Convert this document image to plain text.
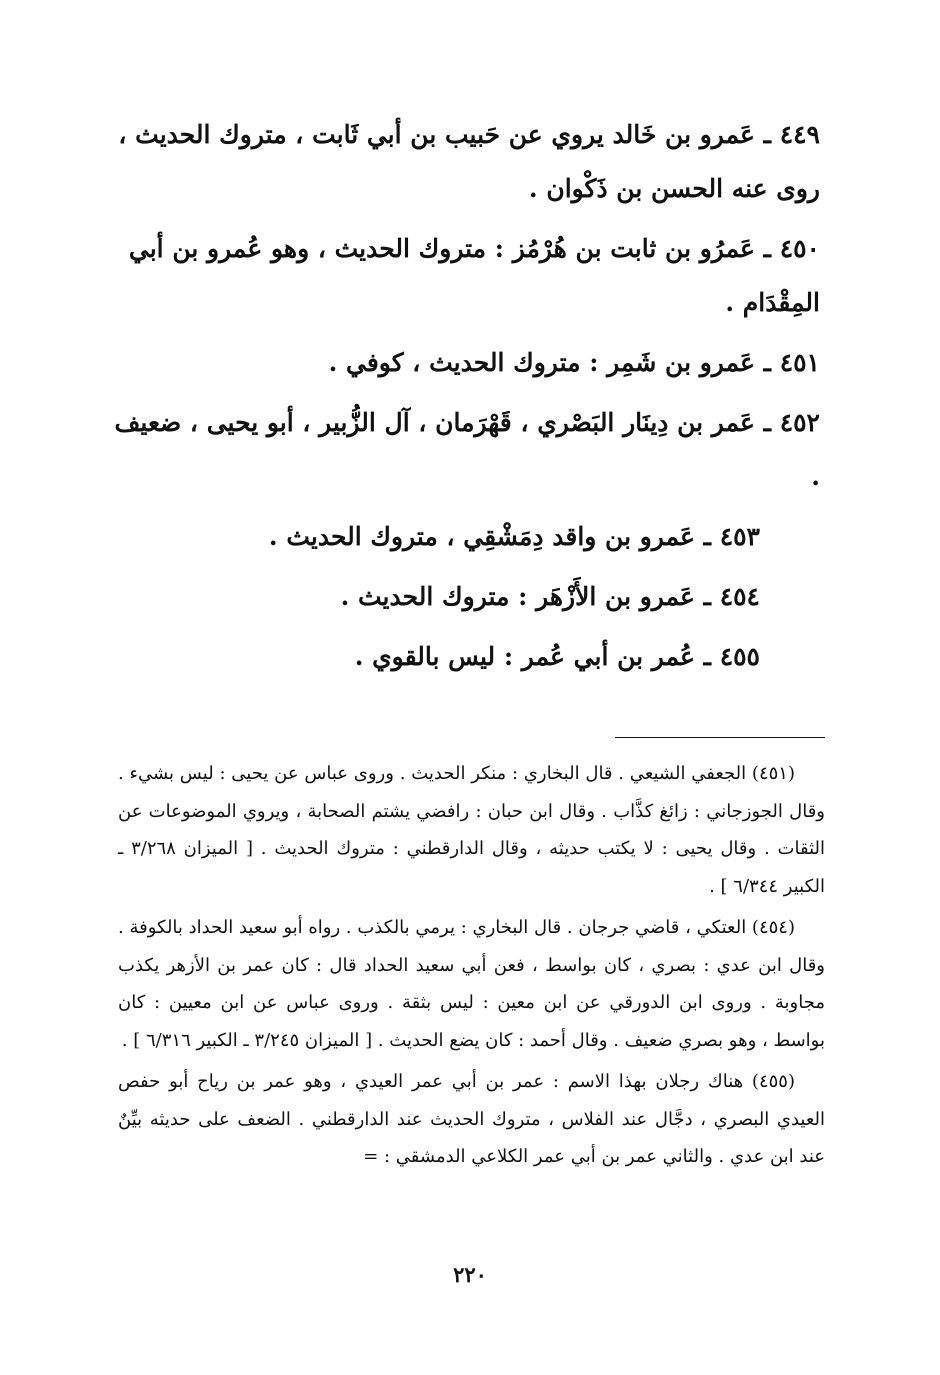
٤٤٩ ـ عَمرو بن خَالد يروي عن حَبيب بن أبي ثَابت ، متروك الحديث ، روى عنه الحسن بن ذَكْوان .

٤٥٠ ـ عَمرُو بن ثابت بن هُرْمُز : متروك الحديث ، وهو عُمرو بن أبي المِقْدَام .

٤٥١ ـ عَمرو بن شَمِر : متروك الحديث ، كوفي .

٤٥٢ ـ عَمر بن دِينَار البَصْري ، قَهْرَمان ، آل الزُّبير ، أبو يحيى ، ضعيف .

٤٥٣ ـ عَمرو بن واقد دِمَشْقِي ، متروك الحديث .

٤٥٤ ـ عَمرو بن الأَزْهَر : متروك الحديث .

٤٥٥ ـ عُمر بن أبي عُمر : ليس بالقوي .

(٤٥١) الجعفي الشيعي . قال البخاري : منكر الحديث . وروى عباس عن يحيى : ليس بشيء . وقال الجوزجاني : زائغ كذَّاب . وقال ابن حبان : رافضي يشتم الصحابة ، ويروي الموضوعات عن الثقات . وقال يحيى : لا يكتب حديثه ، وقال الدارقطني : متروك الحديث . [ الميزان ٣/٢٦٨ ـ الكبير ٦/٣٤٤ ] .

(٤٥٤) العتكي ، قاضي جرجان . قال البخاري : يرمي بالكذب . رواه أبو سعيد الحداد بالكوفة . وقال ابن عدي : بصري ، كان بواسط ، فعن أبي سعيد الحداد قال : كان عمر بن الأزهر يكذب مجاوبة . وروى ابن الدورقي عن ابن معين : ليس بثقة . وروى عباس عن ابن معيين : كان بواسط ، وهو بصري ضعيف . وقال أحمد : كان يضع الحديث . [ الميزان ٣/٢٤٥ ـ الكبير ٦/٣١٦ ] .

(٤٥٥) هناك رجلان بهذا الاسم : عمر بن أبي عمر العيدي ، وهو عمر بن رياح أبو حفص العيدي البصري ، دجَّال عند الفلاس ، متروك الحديث عند الدارقطني . الضعف على حديثه بيِّنٌ عند ابن عدي . والثاني عمر بن أبي عمر الكلاعي الدمشقي : =

٢٢٠
